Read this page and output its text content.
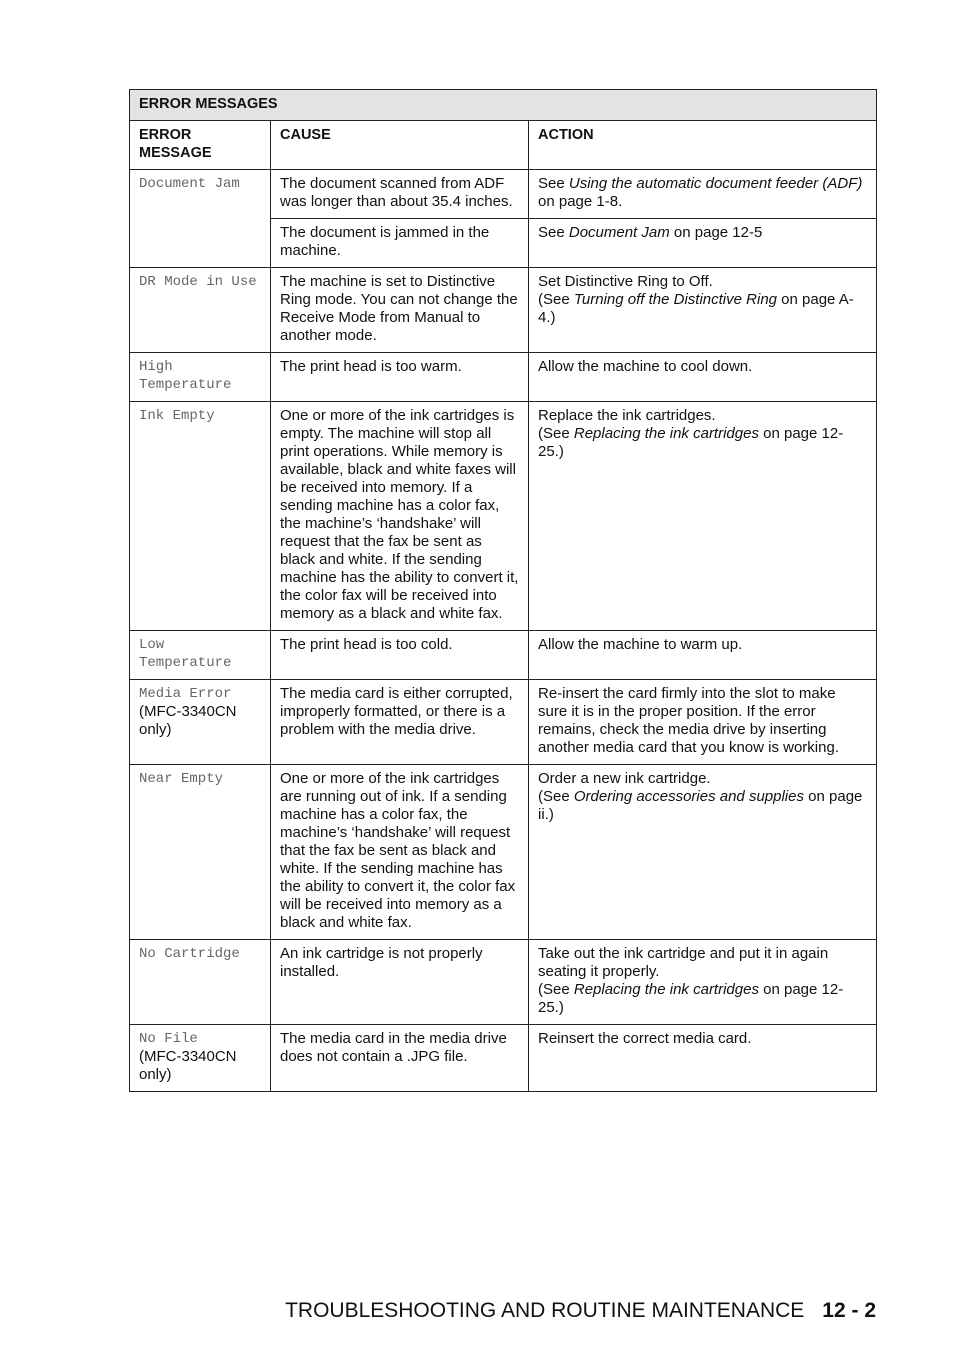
ERROR MESSAGES		
ERROR MESSAGE	CAUSE	ACTION

Document Jam	The document scanned from ADF was longer than about 35.4 inches.	See Using the automatic document feeder (ADF) on page 1-8.
	The document is jammed in the machine.	See Document Jam on page 12-5

DR Mode in Use	The machine is set to Distinctive Ring mode. You can not change the Receive Mode from Manual to another mode.	Set Distinctive Ring to Off.
(See Turning off the Distinctive Ring on page A-4.)

High Temperature	The print head is too warm.	Allow the machine to cool down.

Ink Empty	One or more of the ink cartridges is empty. The machine will stop all print operations. While memory is available, black and white faxes will be received into memory. If a sending machine has a color fax, the machine’s ‘handshake’ will request that the fax be sent as black and white. If the sending machine has the ability to convert it, the color fax will be received into memory as a black and white fax.	Replace the ink cartridges.
(See Replacing the ink cartridges on page 12-25.)

Low Temperature	The print head is too cold.	Allow the machine to warm up.

Media Error
(MFC-3340CN only)	The media card is either corrupted, improperly formatted, or there is a problem with the media drive.	Re-insert the card firmly into the slot to make sure it is in the proper position. If the error remains, check the media drive by inserting another media card that you know is working.

Near Empty	One or more of the ink cartridges are running out of ink. If a sending machine has a color fax, the machine’s ‘handshake’ will request that the fax be sent as black and white. If the sending machine has the ability to convert it, the color fax will be received into memory as a black and white fax.	Order a new ink cartridge.
(See Ordering accessories and supplies on page ii.)

No Cartridge	An ink cartridge is not properly installed.	Take out the ink cartridge and put it in again seating it properly.
(See Replacing the ink cartridges on page 12-25.)

No File
(MFC-3340CN only)	The media card in the media drive does not contain a .JPG file.	Reinsert the correct media card.
TROUBLESHOOTING AND ROUTINE MAINTENANCE 12 - 2
